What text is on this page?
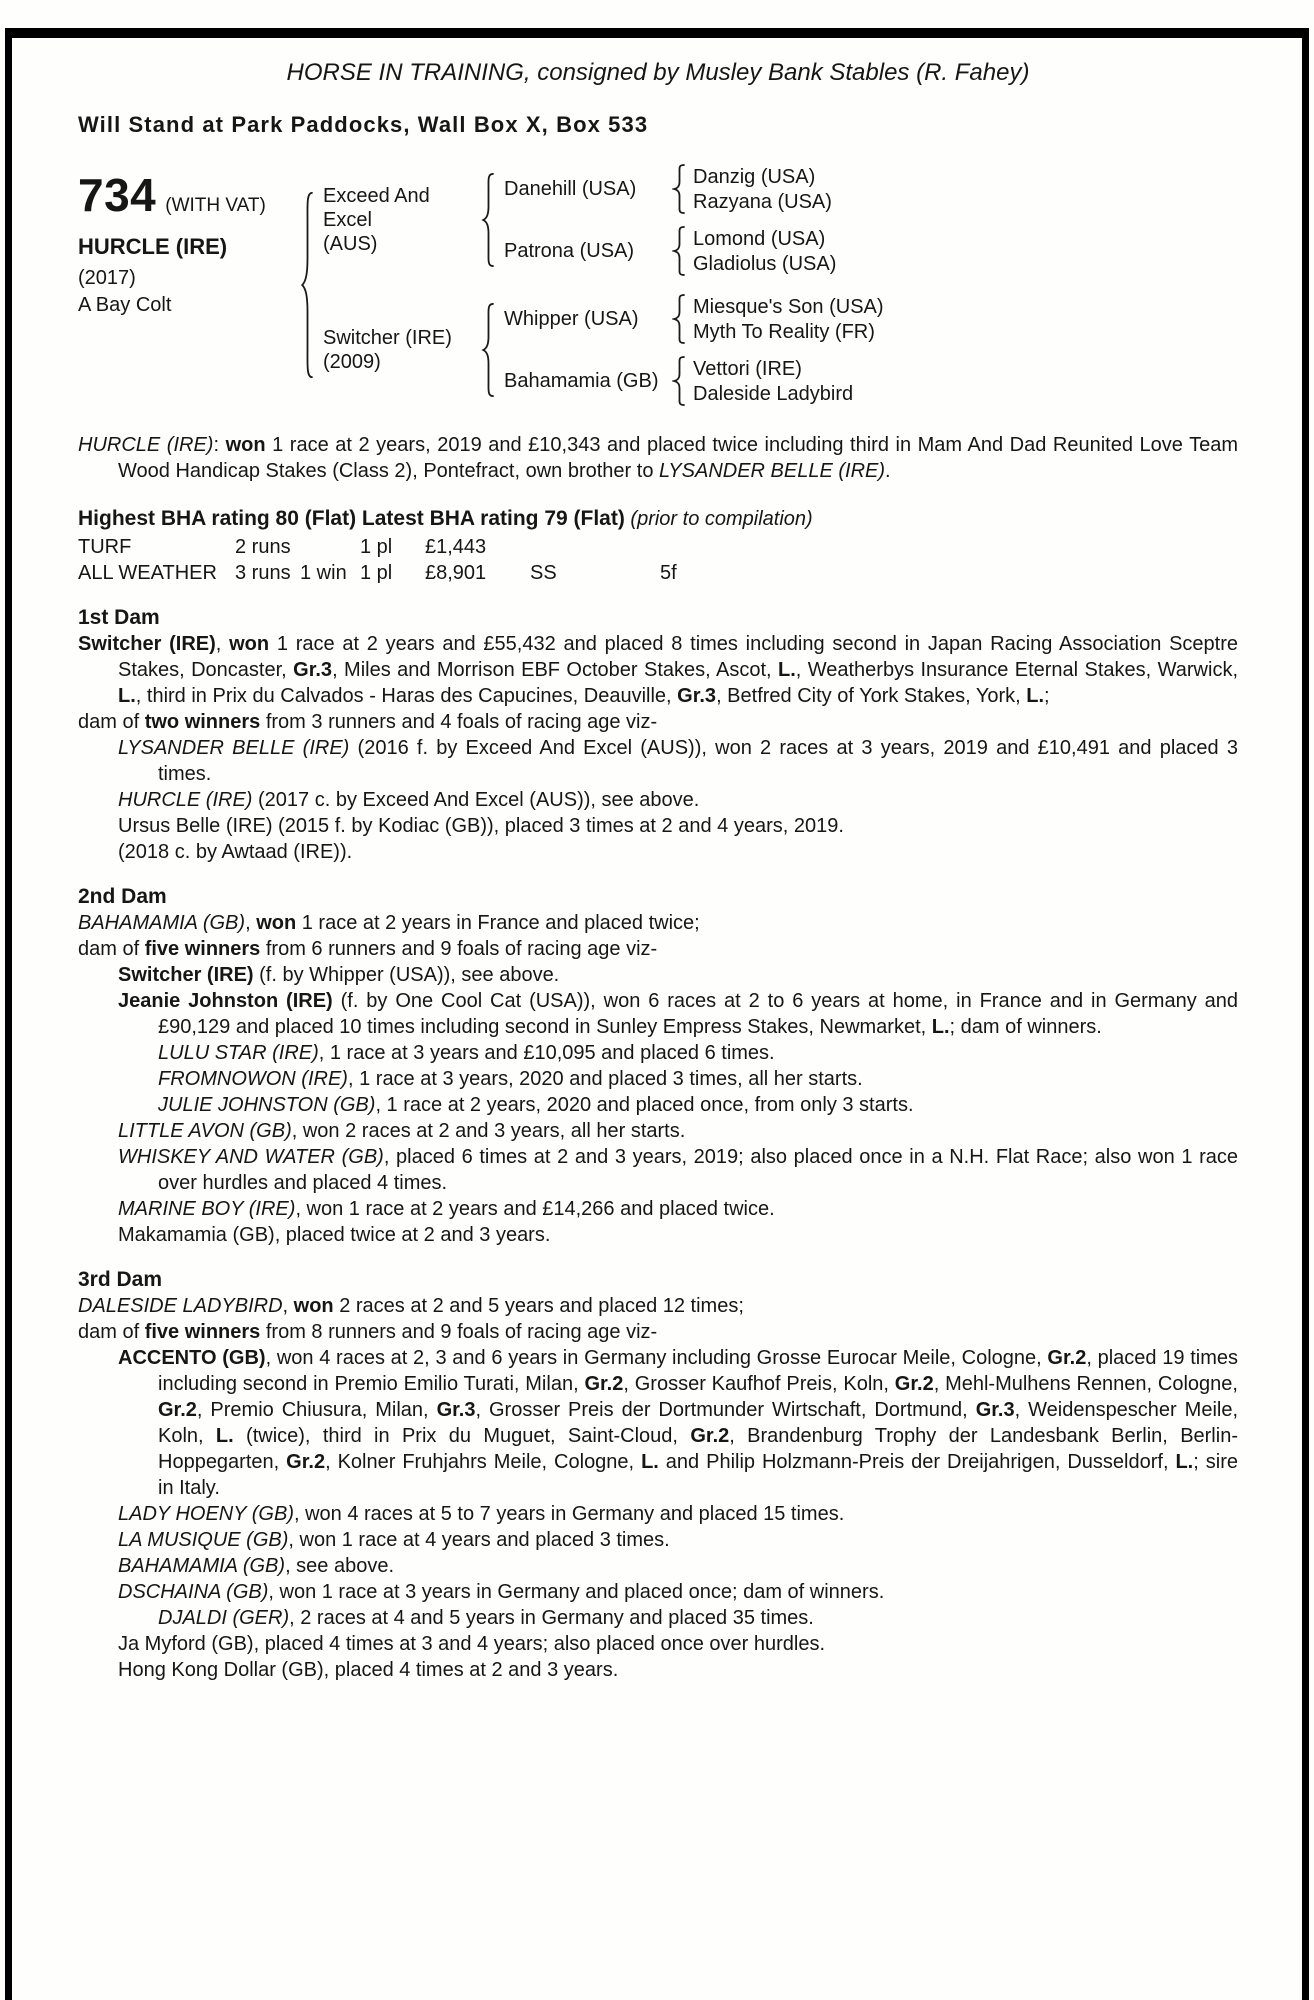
HORSE IN TRAINING, consigned by Musley Bank Stables (R. Fahey)
Will Stand at Park Paddocks, Wall Box X, Box 533
734 (WITH VAT)
HURCLE (IRE)
(2017)
A Bay Colt
Exceed And Excel
(AUS)
Danehill (USA)
Danzig (USA)
Razyana (USA)
Patrona (USA)
Lomond (USA)
Gladiolus (USA)
Switcher (IRE)
(2009)
Whipper (USA)
Miesque's Son (USA)
Myth To Reality (FR)
Bahamamia (GB)
Vettori (IRE)
Daleside Ladybird
HURCLE (IRE): won 1 race at 2 years, 2019 and £10,343 and placed twice including third in Mam And Dad Reunited Love Team Wood Handicap Stakes (Class 2), Pontefract, own brother to LYSANDER BELLE (IRE).
Highest BHA rating 80 (Flat) Latest BHA rating 79 (Flat) (prior to compilation)
TURF	2 runs	1 pl	£1,443
ALL WEATHER 3 runs 1 win 1 pl	£8,901	SS	5f
1st Dam
Switcher (IRE), won 1 race at 2 years and £55,432 and placed 8 times including second in Japan Racing Association Sceptre Stakes, Doncaster, Gr.3, Miles and Morrison EBF October Stakes, Ascot, L., Weatherbys Insurance Eternal Stakes, Warwick, L., third in Prix du Calvados - Haras des Capucines, Deauville, Gr.3, Betfred City of York Stakes, York, L.;
dam of two winners from 3 runners and 4 foals of racing age viz-
LYSANDER BELLE (IRE) (2016 f. by Exceed And Excel (AUS)), won 2 races at 3 years, 2019 and £10,491 and placed 3 times.
HURCLE (IRE) (2017 c. by Exceed And Excel (AUS)), see above.
Ursus Belle (IRE) (2015 f. by Kodiac (GB)), placed 3 times at 2 and 4 years, 2019.
(2018 c. by Awtaad (IRE)).
2nd Dam
BAHAMAMIA (GB), won 1 race at 2 years in France and placed twice;
dam of five winners from 6 runners and 9 foals of racing age viz-
Switcher (IRE) (f. by Whipper (USA)), see above.
Jeanie Johnston (IRE) (f. by One Cool Cat (USA)), won 6 races at 2 to 6 years at home, in France and in Germany and £90,129 and placed 10 times including second in Sunley Empress Stakes, Newmarket, L.; dam of winners.
LULU STAR (IRE), 1 race at 3 years and £10,095 and placed 6 times.
FROMNOWON (IRE), 1 race at 3 years, 2020 and placed 3 times, all her starts.
JULIE JOHNSTON (GB), 1 race at 2 years, 2020 and placed once, from only 3 starts.
LITTLE AVON (GB), won 2 races at 2 and 3 years, all her starts.
WHISKEY AND WATER (GB), placed 6 times at 2 and 3 years, 2019; also placed once in a N.H. Flat Race; also won 1 race over hurdles and placed 4 times.
MARINE BOY (IRE), won 1 race at 2 years and £14,266 and placed twice.
Makamamia (GB), placed twice at 2 and 3 years.
3rd Dam
DALESIDE LADYBIRD, won 2 races at 2 and 5 years and placed 12 times;
dam of five winners from 8 runners and 9 foals of racing age viz-
ACCENTO (GB), won 4 races at 2, 3 and 6 years in Germany including Grosse Eurocar Meile, Cologne, Gr.2, placed 19 times including second in Premio Emilio Turati, Milan, Gr.2, Grosser Kaufhof Preis, Koln, Gr.2, Mehl-Mulhens Rennen, Cologne, Gr.2, Premio Chiusura, Milan, Gr.3, Grosser Preis der Dortmunder Wirtschaft, Dortmund, Gr.3, Weidenspescher Meile, Koln, L. (twice), third in Prix du Muguet, Saint-Cloud, Gr.2, Brandenburg Trophy der Landesbank Berlin, Berlin-Hoppegarten, Gr.2, Kolner Fruhjahrs Meile, Cologne, L. and Philip Holzmann-Preis der Dreijahrigen, Dusseldorf, L.; sire in Italy.
LADY HOENY (GB), won 4 races at 5 to 7 years in Germany and placed 15 times.
LA MUSIQUE (GB), won 1 race at 4 years and placed 3 times.
BAHAMAMIA (GB), see above.
DSCHAINA (GB), won 1 race at 3 years in Germany and placed once; dam of winners.
DJALDI (GER), 2 races at 4 and 5 years in Germany and placed 35 times.
Ja Myford (GB), placed 4 times at 3 and 4 years; also placed once over hurdles.
Hong Kong Dollar (GB), placed 4 times at 2 and 3 years.
